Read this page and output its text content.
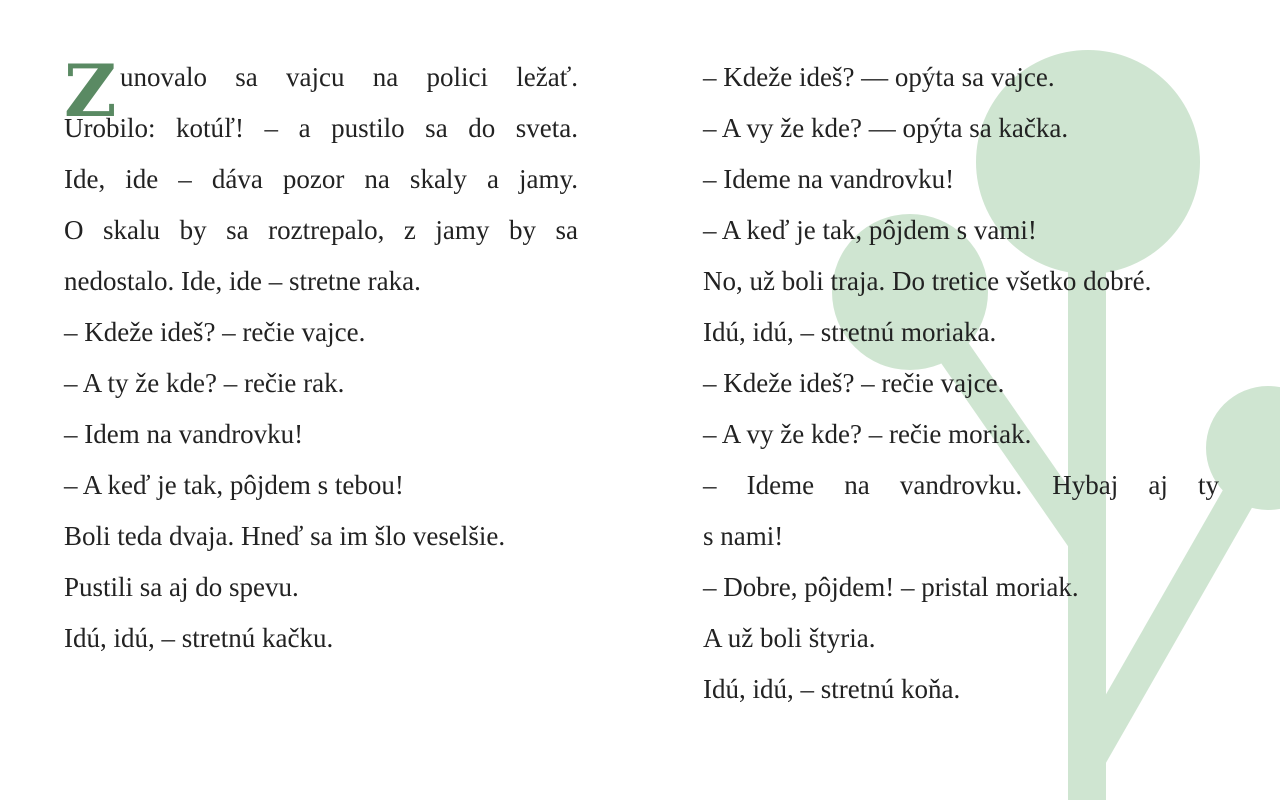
Z unovalo sa vajcu na polici ležať.
Urobilo: kotúľ! – a pustilo sa do sveta.
Ide, ide – dáva pozor na skaly a jamy.
O skalu by sa roztrepalo, z jamy by sa
nedostalo. Ide, ide – stretne raka.
– Kdeže ideš? – rečie vajce.
– A ty že kde? – rečie rak.
– Idem na vandrovku!
– A keď je tak, pôjdem s tebou!
Boli teda dvaja. Hneď sa im šlo veselšie.
Pustili sa aj do spevu.
Idú, idú, – stretnú kačku.
– Kdeže ideš? — opýta sa vajce.
– A vy že kde? — opýta sa kačka.
– Ideme na vandrovku!
– A keď je tak, pôjdem s vami!
No, už boli traja. Do tretice všetko dobré.
Idú, idú, – stretnú moriaka.
– Kdeže ideš? – rečie vajce.
– A vy že kde? – rečie moriak.
– Ideme na vandrovku. Hybaj aj ty
s nami!
– Dobre, pôjdem! – pristal moriak.
A už boli štyria.
Idú, idú, – stretnú koňa.
